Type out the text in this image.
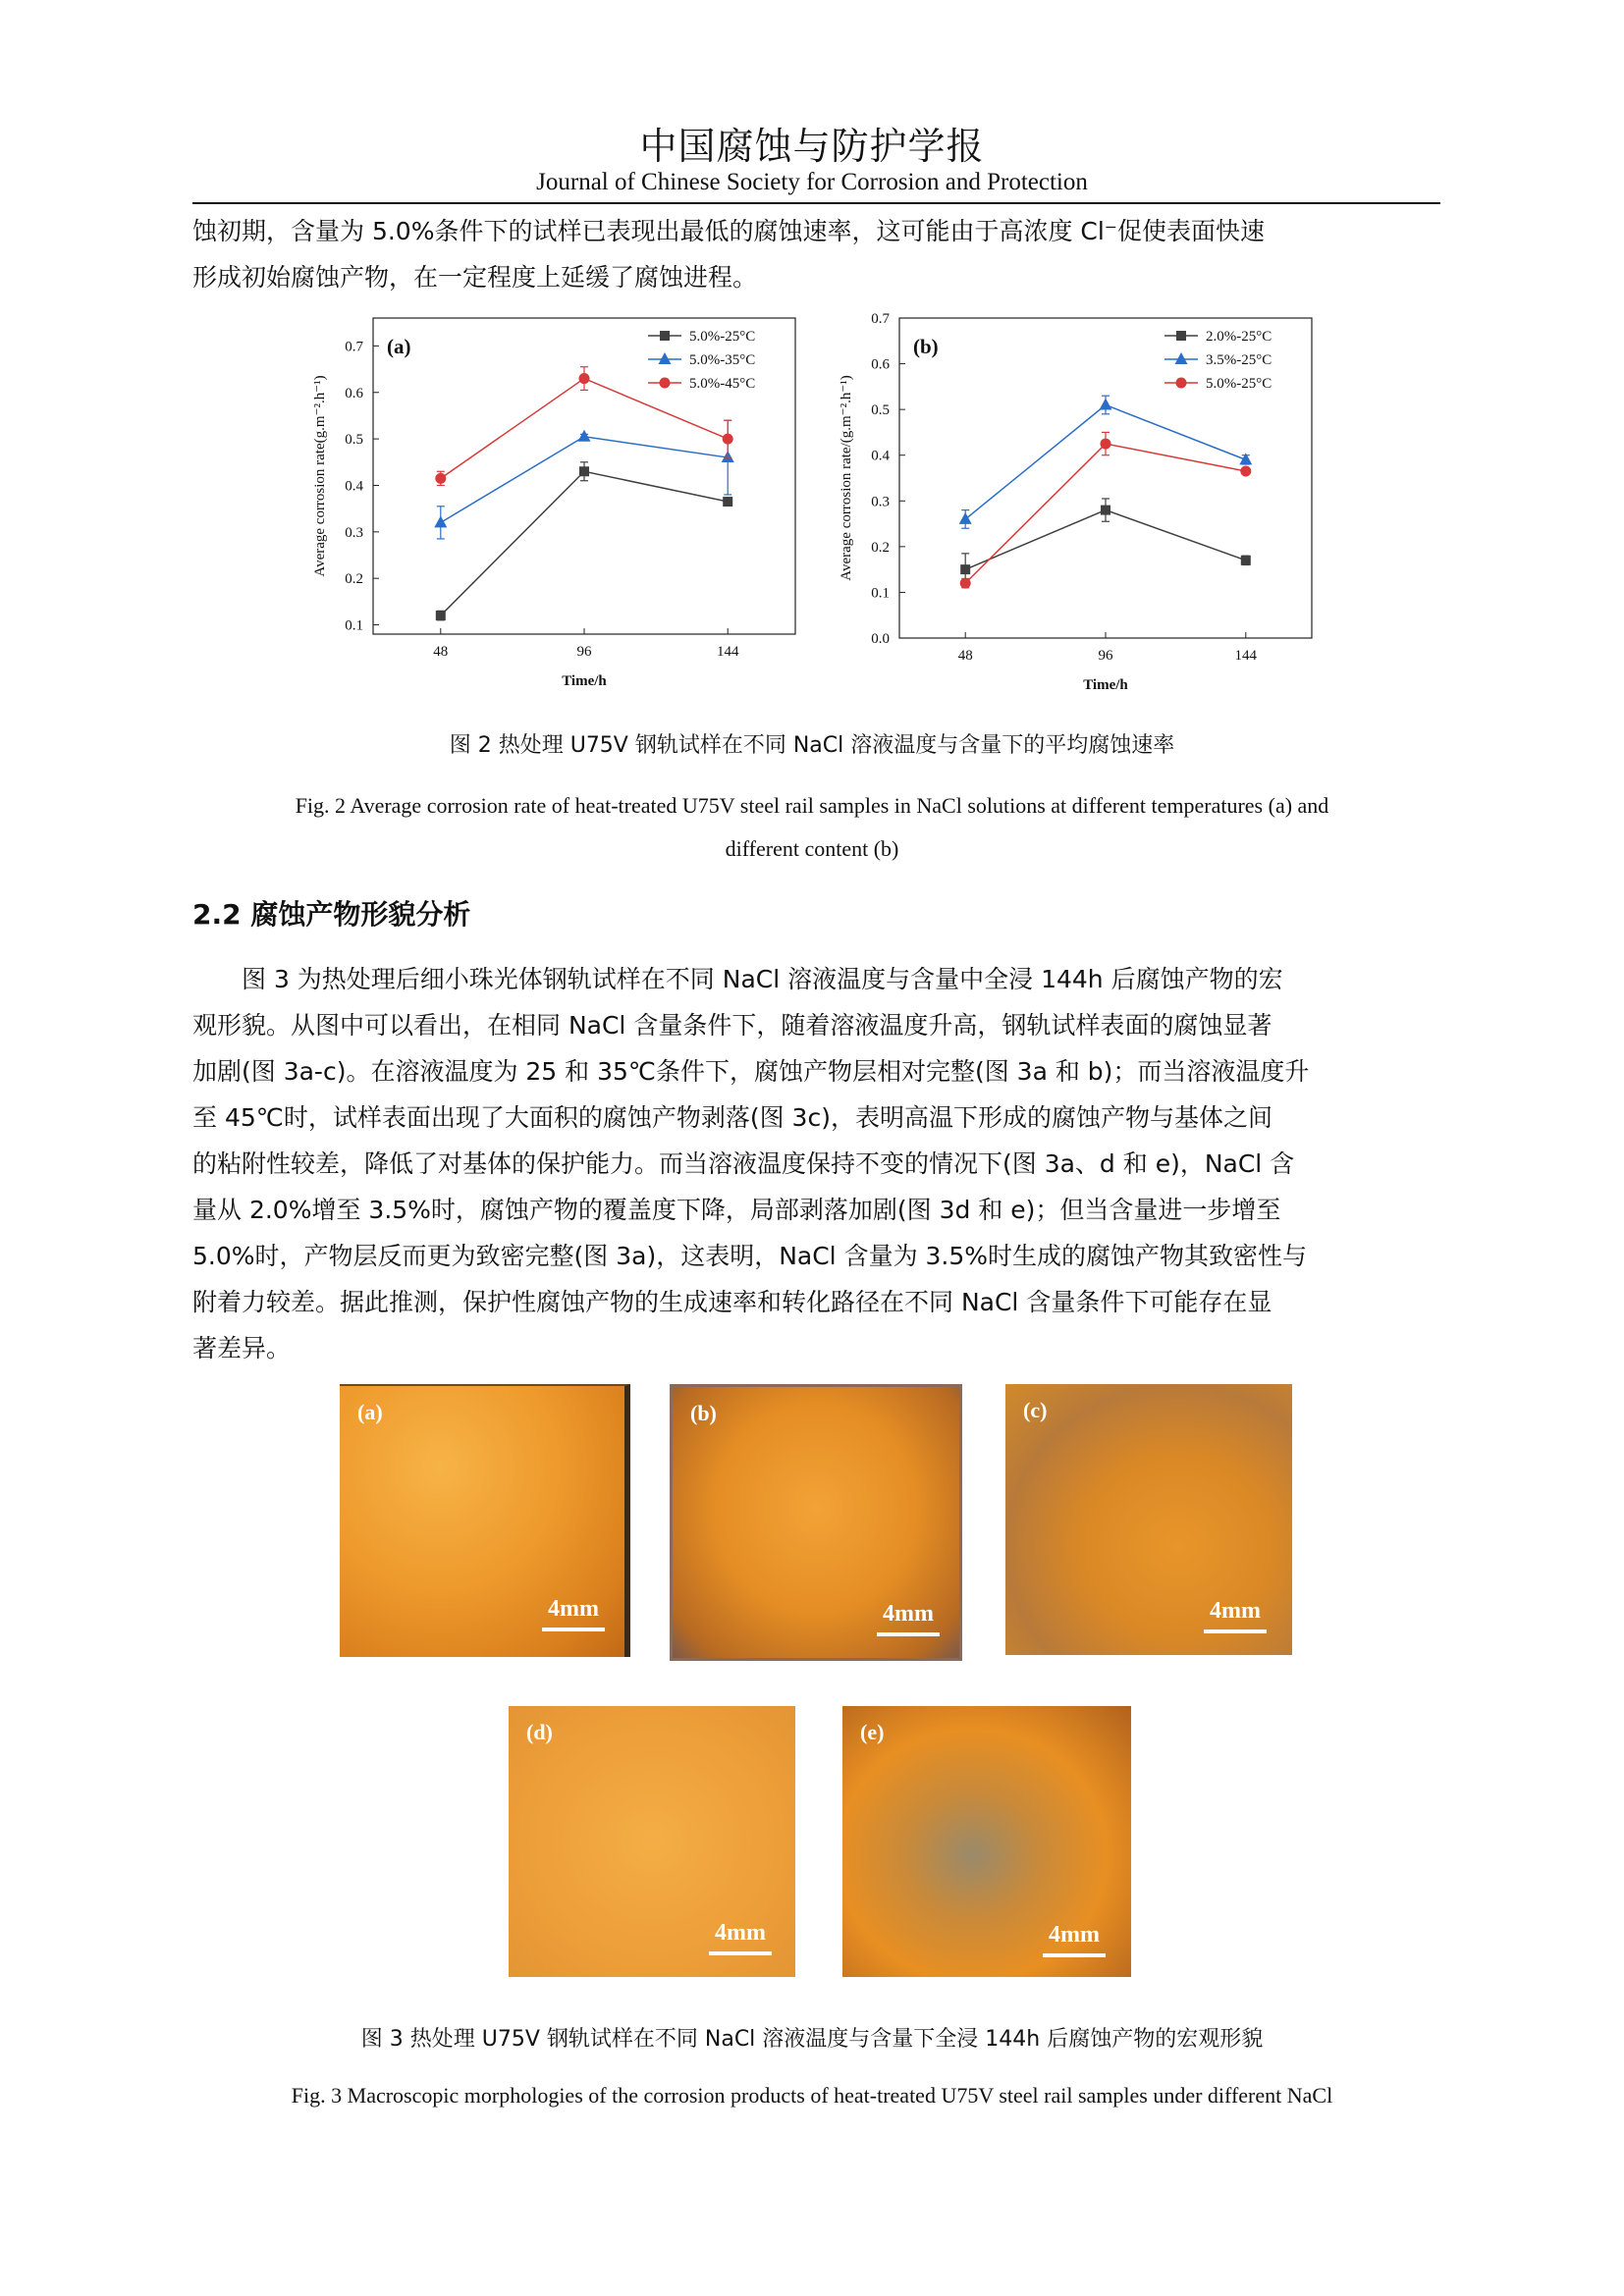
中国腐蚀与防护学报
Journal of Chinese Society for Corrosion and Protection
蚀初期，含量为 5.0%条件下的试样已表现出最低的腐蚀速率，这可能由于高浓度 Cl⁻促使表面快速
形成初始腐蚀产物，在一定程度上延缓了腐蚀进程。
0.1
0.2
0.3
0.4
0.5
0.6
0.7
48	96	144
Time/h
Average corrosion rate(g.m⁻².h⁻¹)
(a)	5.0%-25°C
5.0%-35°C
5.0%-45°C
0.0
0.1
0.2
0.3
0.4
0.5
0.6
0.7
48	96	144
Time/h
Average corrosion rate/(g.m⁻².h⁻¹)
(b)	2.0%-25°C
3.5%-25°C
5.0%-25°C
图 2 热处理 U75V 钢轨试样在不同 NaCl 溶液温度与含量下的平均腐蚀速率
Fig. 2 Average corrosion rate of heat-treated U75V steel rail samples in NaCl solutions at different temperatures (a) and
different content (b)
2.2 腐蚀产物形貌分析
图 3 为热处理后细小珠光体钢轨试样在不同 NaCl 溶液温度与含量中全浸 144h 后腐蚀产物的宏
观形貌。从图中可以看出，在相同 NaCl 含量条件下，随着溶液温度升高，钢轨试样表面的腐蚀显著
加剧(图 3a-c)。在溶液温度为 25 和 35℃条件下，腐蚀产物层相对完整(图 3a 和 b)；而当溶液温度升
至 45℃时，试样表面出现了大面积的腐蚀产物剥落(图 3c)，表明高温下形成的腐蚀产物与基体之间
的粘附性较差，降低了对基体的保护能力。而当溶液温度保持不变的情况下(图 3a、d 和 e)，NaCl 含
量从 2.0%增至 3.5%时，腐蚀产物的覆盖度下降，局部剥落加剧(图 3d 和 e)；但当含量进一步增至
5.0%时，产物层反而更为致密完整(图 3a)，这表明，NaCl 含量为 3.5%时生成的腐蚀产物其致密性与
附着力较差。据此推测，保护性腐蚀产物的生成速率和转化路径在不同 NaCl 含量条件下可能存在显
著差异。
(a)
4mm
(b)
4mm
(c)
4mm
(d)
4mm
(e)
4mm
图 3 热处理 U75V 钢轨试样在不同 NaCl 溶液温度与含量下全浸 144h 后腐蚀产物的宏观形貌
Fig. 3 Macroscopic morphologies of the corrosion products of heat-treated U75V steel rail samples under different NaCl
